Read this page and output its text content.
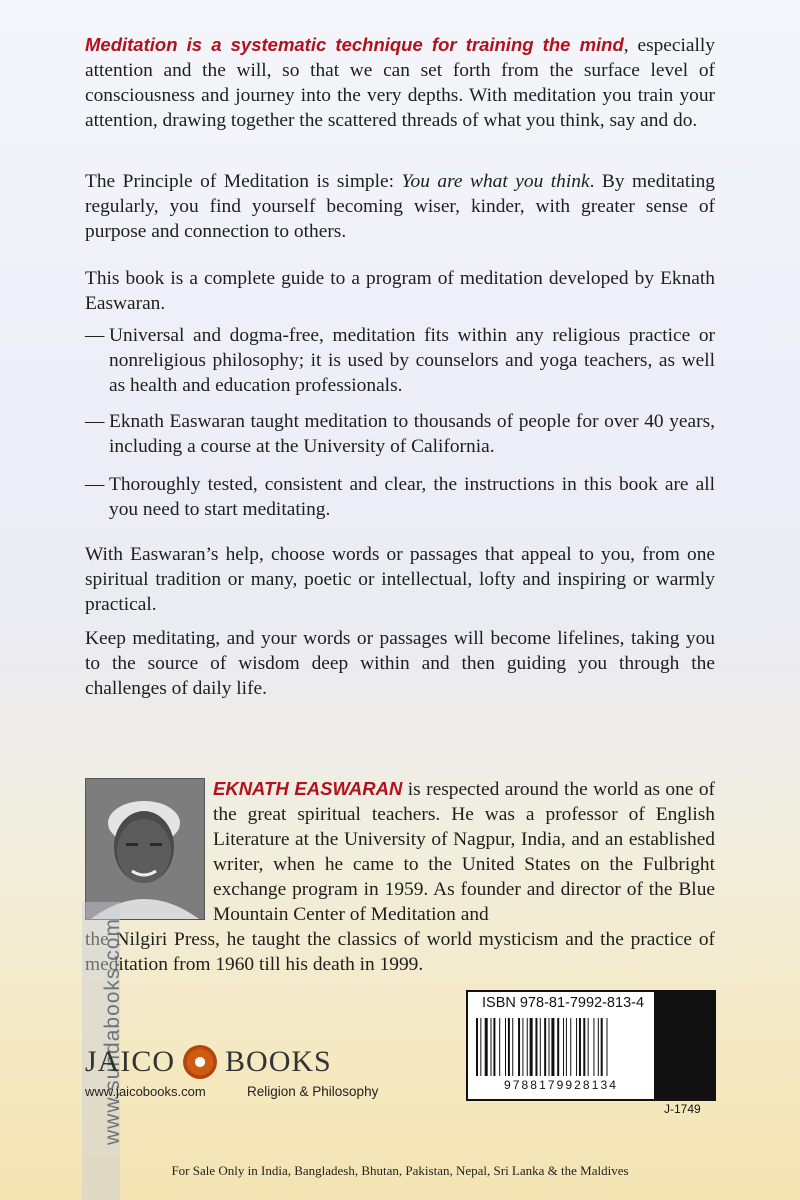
Meditation is a systematic technique for training the mind, especially attention and the will, so that we can set forth from the surface level of consciousness and journey into the very depths. With meditation you train your attention, drawing together the scattered threads of what you think, say and do.

The Principle of Meditation is simple: You are what you think. By meditating regularly, you find yourself becoming wiser, kinder, with greater sense of purpose and connection to others.

This book is a complete guide to a program of meditation developed by Eknath Easwaran.

— Universal and dogma-free, meditation fits within any religious practice or nonreligious philosophy; it is used by counselors and yoga teachers, as well as health and education professionals.
— Eknath Easwaran taught meditation to thousands of people for over 40 years, including a course at the University of California.
— Thoroughly tested, consistent and clear, the instructions in this book are all you need to start meditating.

With Easwaran’s help, choose words or passages that appeal to you, from one spiritual tradition or many, poetic or intellectual, lofty and inspiring or warmly practical.

Keep meditating, and your words or passages will become lifelines, taking you to the source of wisdom deep within and then guiding you through the challenges of daily life.

EKNATH EASWARAN is respected around the world as one of the great spiritual teachers. He was a professor of English Literature at the University of Nagpur, India, and an established writer, when he came to the United States on the Fulbright exchange program in 1959. As founder and director of the Blue Mountain Center of Meditation and
the Nilgiri Press, he taught the classics of world mysticism and the practice of meditation from 1960 till his death in 1999.
www.sundabooks.com
JAICO BOOKS
www.jaicobooks.com	Religion & Philosophy
ISBN 978-81-7992-813-4
9788179928134
J-1749
For Sale Only in India, Bangladesh, Bhutan, Pakistan, Nepal, Sri Lanka & the Maldives
